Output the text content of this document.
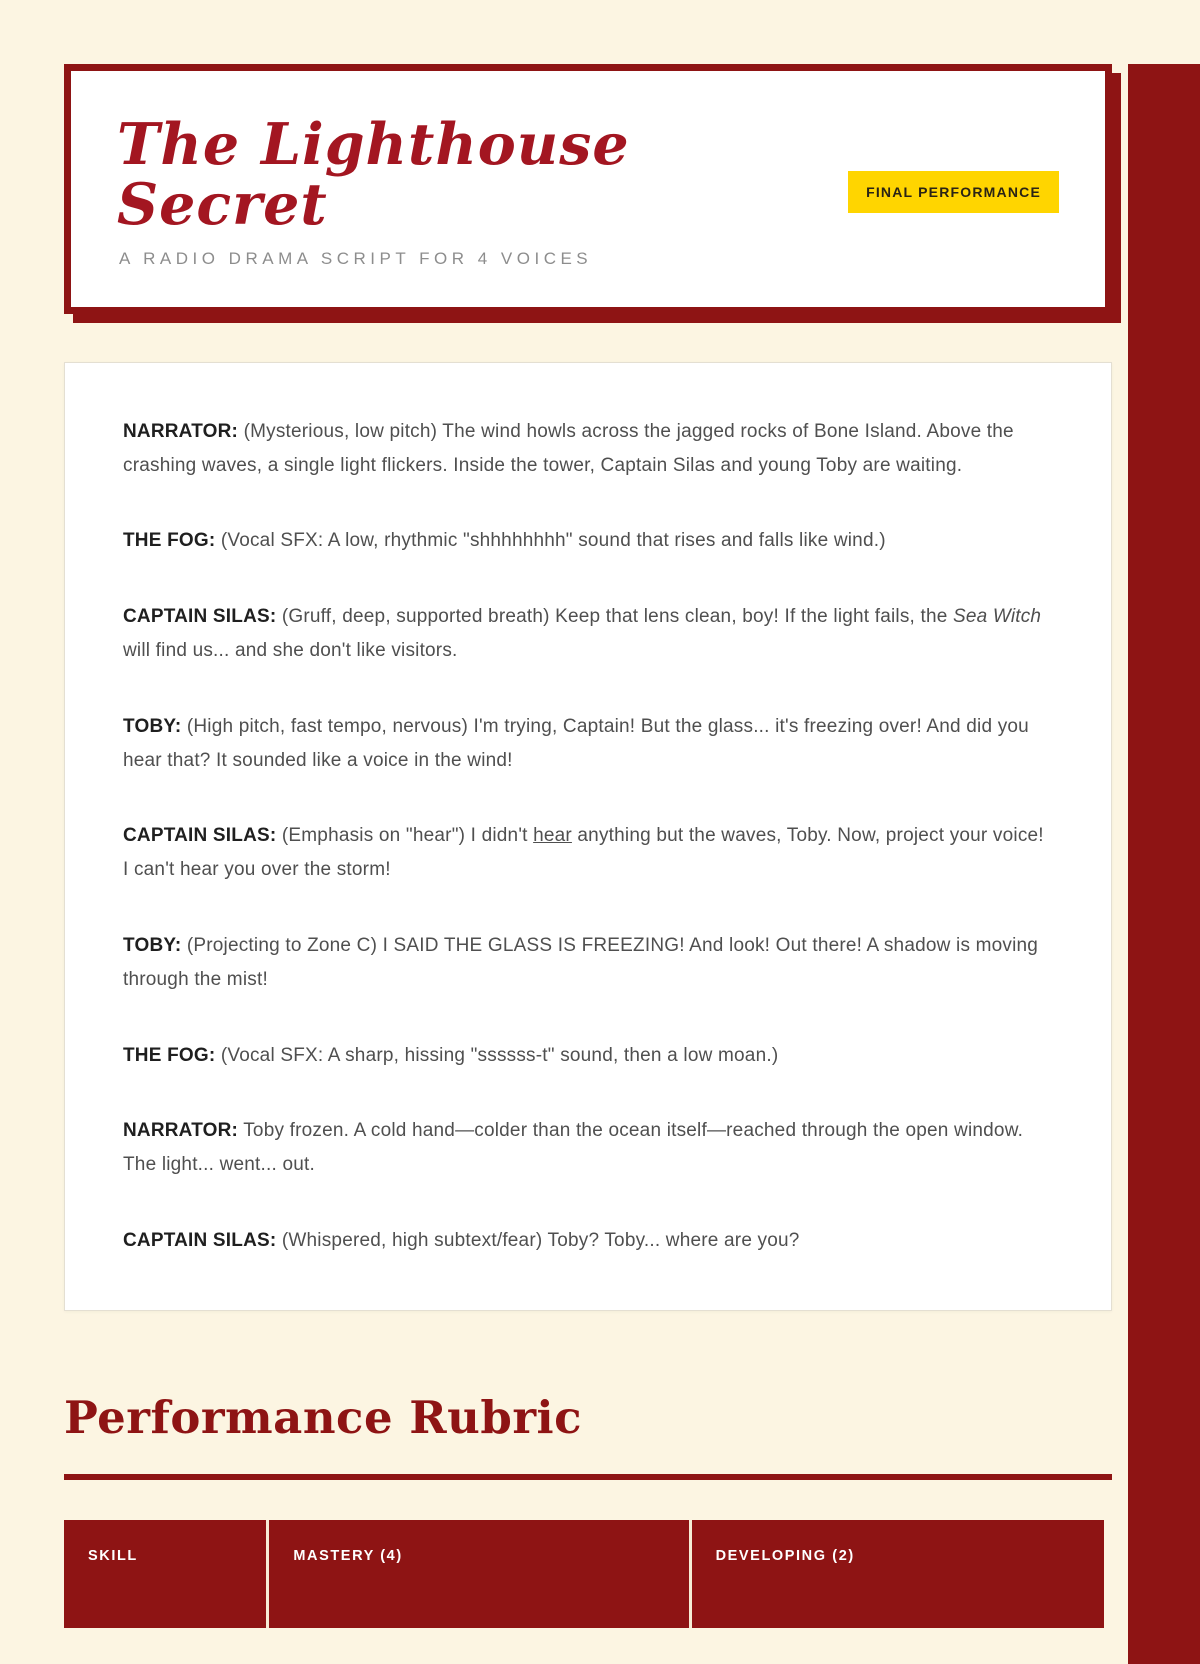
The Lighthouse Secret

A RADIO DRAMA SCRIPT FOR 4 VOICES

FINAL PERFORMANCE

NARRATOR: (Mysterious, low pitch) The wind howls across the jagged rocks of Bone Island. Above the crashing waves, a single light flickers. Inside the tower, Captain Silas and young Toby are waiting.

THE FOG: (Vocal SFX: A low, rhythmic "shhhhhhhh" sound that rises and falls like wind.)

CAPTAIN SILAS: (Gruff, deep, supported breath) Keep that lens clean, boy! If the light fails, the Sea Witch will find us... and she don't like visitors.

TOBY: (High pitch, fast tempo, nervous) I'm trying, Captain! But the glass... it's freezing over! And did you hear that? It sounded like a voice in the wind!

CAPTAIN SILAS: (Emphasis on "hear") I didn't hear anything but the waves, Toby. Now, project your voice! I can't hear you over the storm!

TOBY: (Projecting to Zone C) I SAID THE GLASS IS FREEZING! And look! Out there! A shadow is moving through the mist!

THE FOG: (Vocal SFX: A sharp, hissing "ssssss-t" sound, then a low moan.)

NARRATOR: Toby frozen. A cold hand—colder than the ocean itself—reached through the open window. The light... went... out.

CAPTAIN SILAS: (Whispered, high subtext/fear) Toby? Toby... where are you?

Performance Rubric
SKILL	MASTERY (4)	DEVELOPING (2)
